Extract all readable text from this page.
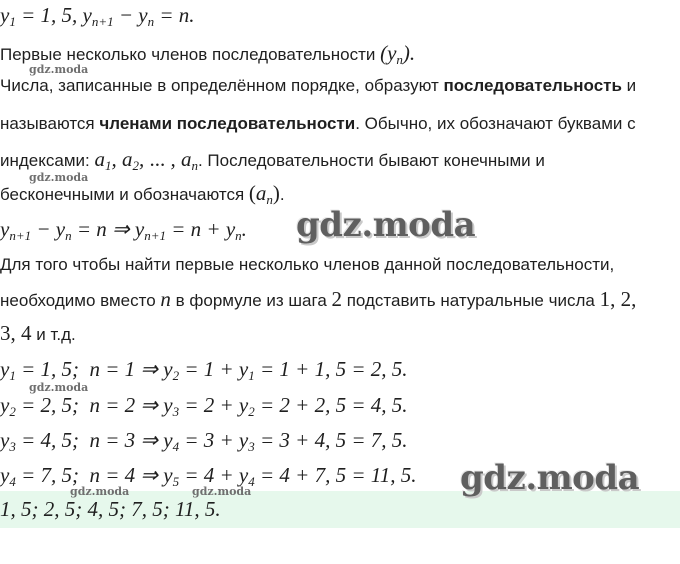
$y_1 = 1$, 5, $y_{n+1} - y_n = n$.
Первые несколько членов последовательности $(y_n)$.
Числа, записанные в определённом порядке, образуют последовательность и
называются членами последовательности. Обычно, их обозначают буквами с
индексами: $a_1$, $a_2$, ... , $a_n$. Последовательности бывают конечными и
бесконечными и обозначаются $(a_n)$.
$y_{n+1} - y_n = n$ ⇒ $y_{n+1} = n + y_n$.
Для того чтобы найти первые несколько членов данной последовательности,
необходимо вместо n в формуле из шага 2 подставить натуральные числа 1, 2,
3, 4 и т.д.
$y_1 = 1$, 5;  n = 1 ⇒ $y_2 = 1 + y_1 = 1 + 1$, 5 = 2, 5.
$y_2 = 2$, 5;  n = 2 ⇒ $y_3 = 2 + y_2 = 2 + 2$, 5 = 4, 5.
$y_3 = 4$, 5;  n = 3 ⇒ $y_4 = 3 + y_3 = 3 + 4$, 5 = 7, 5.
$y_4 = 7$, 5;  n = 4 ⇒ $y_5 = 4 + y_4 = 4 + 7$, 5 = 11, 5.
1, 5; 2, 5; 4, 5; 7, 5; 11, 5.
gdz.moda
gdz.moda
gdz.moda
gdz.moda	gdz.moda
gdz.moda
gdz.moda
